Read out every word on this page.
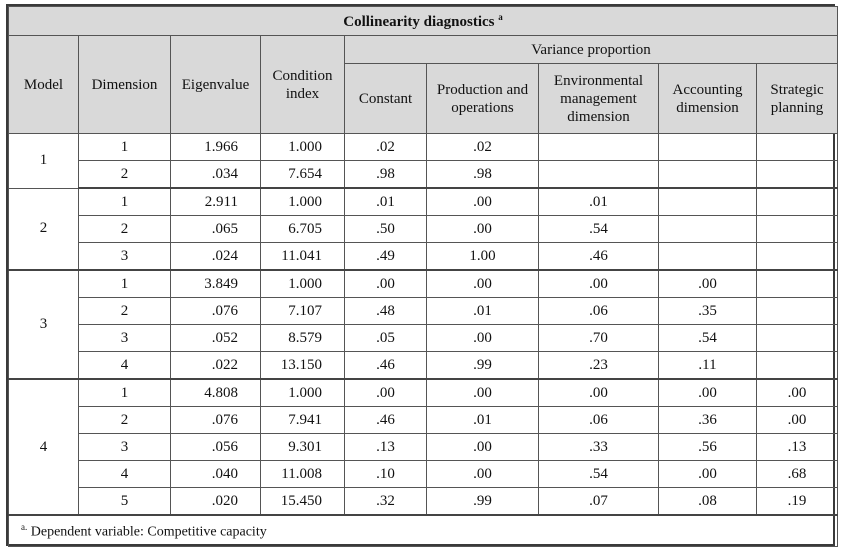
Collinearity diagnostics $^a$
Model	Dimension	Eigenvalue	Condition index	Variance proportion				
				Constant	Production and operations	Environmental management dimension	Accounting dimension	Strategic planning
1	1	1.966	1.000	.02	.02			
	2	.034	7.654	.98	.98			
2	1	2.911	1.000	.01	.00	.01		
	2	.065	6.705	.50	.00	.54		
	3	.024	11.041	.49	1.00	.46		
3	1	3.849	1.000	.00	.00	.00	.00	
	2	.076	7.107	.48	.01	.06	.35	
	3	.052	8.579	.05	.00	.70	.54	
	4	.022	13.150	.46	.99	.23	.11	
4	1	4.808	1.000	.00	.00	.00	.00	.00
	2	.076	7.941	.46	.01	.06	.36	.00
	3	.056	9.301	.13	.00	.33	.56	.13
	4	.040	11.008	.10	.00	.54	.00	.68
	5	.020	15.450	.32	.99	.07	.08	.19
$^{a.}$ Dependent variable: Competitive capacity								
